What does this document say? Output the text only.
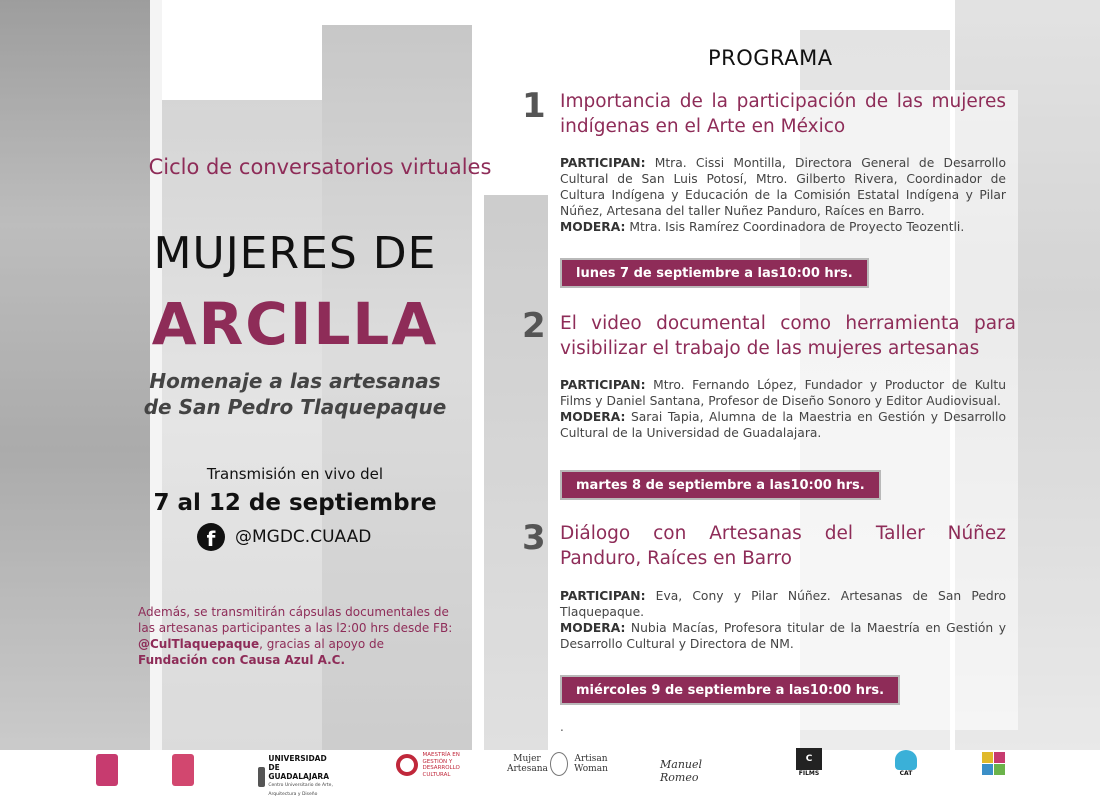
Ciclo de conversatorios virtuales
MUJERES DE
ARCILLA
Homenaje a las artesanas
de San Pedro Tlaquepaque
Transmisión en vivo del
7 al 12 de septiembre
f	@MGDC.CUAAD
Además, se transmitirán cápsulas documentales de las artesanas participantes a las l2:00 hrs desde FB: @CulTlaquepaque, gracias al apoyo de Fundación con Causa Azul A.C.
PROGRAMA
1 Importancia de la participación de las mujeres indígenas en el Arte en México
PARTICIPAN: Mtra. Cissi Montilla, Directora General de Desarrollo Cultural de San Luis Potosí, Mtro. Gilberto Rivera, Coordinador de Cultura Indígena y Educación de la Comisión Estatal Indígena y Pilar Núñez, Artesana del taller Nuñez Panduro, Raíces en Barro.
MODERA: Mtra. Isis Ramírez Coordinadora de Proyecto Teozentli.
lunes 7 de septiembre a las10:00 hrs.
2 El video documental como herramienta para visibilizar el trabajo de las mujeres artesanas
PARTICIPAN: Mtro. Fernando López, Fundador y Productor de Kultu Films y Daniel Santana, Profesor de Diseño Sonoro y Editor Audiovisual.
MODERA: Sarai Tapia, Alumna de la Maestria en Gestión y Desarrollo Cultural de la Universidad de Guadalajara.
martes 8 de septiembre a las10:00 hrs.
3 Diálogo con Artesanas del Taller Núñez Panduro, Raíces en Barro
PARTICIPAN: Eva, Cony y Pilar Núñez. Artesanas de San Pedro Tlaquepaque.
MODERA: Nubia Macías, Profesora titular de la Maestría en Gestión y Desarrollo Cultural y Directora de NM.
miércoles 9 de septiembre a las10:00 hrs.
.
UNIVERSIDAD DE GUADALAJARA
Centro Universitario de Arte, Arquitectura y Diseño
MAESTRÍA EN GESTIÓN Y DESARROLLO CULTURAL
Mujer Artesana
Artisan Woman	Manuel Romeo
C
FILMS	CAT
